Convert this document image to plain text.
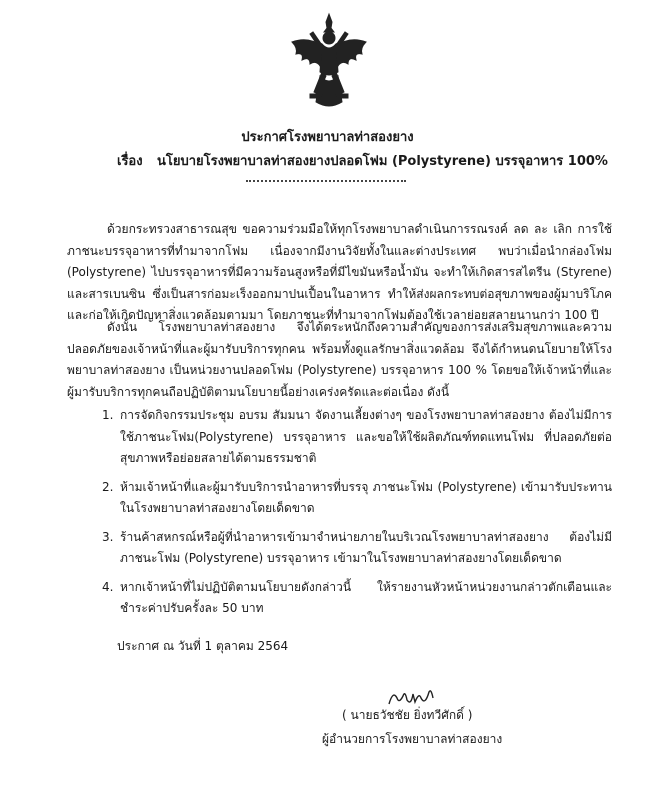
ประกาศโรงพยาบาลท่าสองยาง
เรื่อง นโยบายโรงพยาบาลท่าสองยางปลอดโฟม (Polystyrene) บรรจุอาหาร 100%

ด้วยกระทรวงสาธารณสุข ขอความร่วมมือให้ทุกโรงพยาบาลดำเนินการรณรงค์ ลด ละ เลิก การใช้ภาชนะบรรจุอาหารที่ทำมาจากโฟม เนื่องจากมีงานวิจัยทั้งในและต่างประเทศ พบว่าเมื่อนำกล่องโฟม (Polystyrene) ไปบรรจุอาหารที่มีความร้อนสูงหรือที่มีไขมันหรือน้ำมัน จะทำให้เกิดสารสไตรีน (Styrene) และสารเบนซิน ซึ่งเป็นสารก่อมะเร็งออกมาปนเปื้อนในอาหาร ทำให้ส่งผลกระทบต่อสุขภาพของผู้มาบริโภค และก่อให้เกิดปัญหาสิ่งแวดล้อมตามมา โดยภาชนะที่ทำมาจากโฟมต้องใช้เวลาย่อยสลายนานกว่า 100 ปี

ดังนั้น โรงพยาบาลท่าสองยาง จึงได้ตระหนักถึงความสำคัญของการส่งเสริมสุขภาพและความปลอดภัยของเจ้าหน้าที่และผู้มารับบริการทุกคน พร้อมทั้งดูแลรักษาสิ่งแวดล้อม จึงได้กำหนดนโยบายให้โรงพยาบาลท่าสองยาง เป็นหน่วยงานปลอดโฟม (Polystyrene) บรรจุอาหาร 100 % โดยขอให้เจ้าหน้าที่และผู้มารับบริการทุกคนถือปฏิบัติตามนโยบายนี้อย่างเคร่งครัดและต่อเนื่อง ดังนี้

1. การจัดกิจกรรมประชุม อบรม สัมมนา จัดงานเลี้ยงต่างๆ ของโรงพยาบาลท่าสองยาง ต้องไม่มีการใช้ภาชนะโฟม(Polystyrene) บรรจุอาหาร และขอให้ใช้ผลิตภัณฑ์ทดแทนโฟม ที่ปลอดภัยต่อสุขภาพหรือย่อยสลายได้ตามธรรมชาติ
2. ห้ามเจ้าหน้าที่และผู้มารับบริการนำอาหารที่บรรจุ ภาชนะโฟม (Polystyrene) เข้ามารับประทานในโรงพยาบาลท่าสองยางโดยเด็ดขาด
3. ร้านค้าสหกรณ์หรือผู้ที่นำอาหารเข้ามาจำหน่ายภายในบริเวณโรงพยาบาลท่าสองยาง ต้องไม่มีภาชนะโฟม (Polystyrene) บรรจุอาหาร เข้ามาในโรงพยาบาลท่าสองยางโดยเด็ดขาด
4. หากเจ้าหน้าที่ไม่ปฏิบัติตามนโยบายดังกล่าวนี้ ให้รายงานหัวหน้าหน่วยงานกล่าวตักเตือนและชำระค่าปรับครั้งละ 50 บาท
ประกาศ ณ วันที่ 1 ตุลาคม 2564
( นายธวัชชัย ยิ่งทวีศักดิ์ )
ผู้อำนวยการโรงพยาบาลท่าสองยาง
